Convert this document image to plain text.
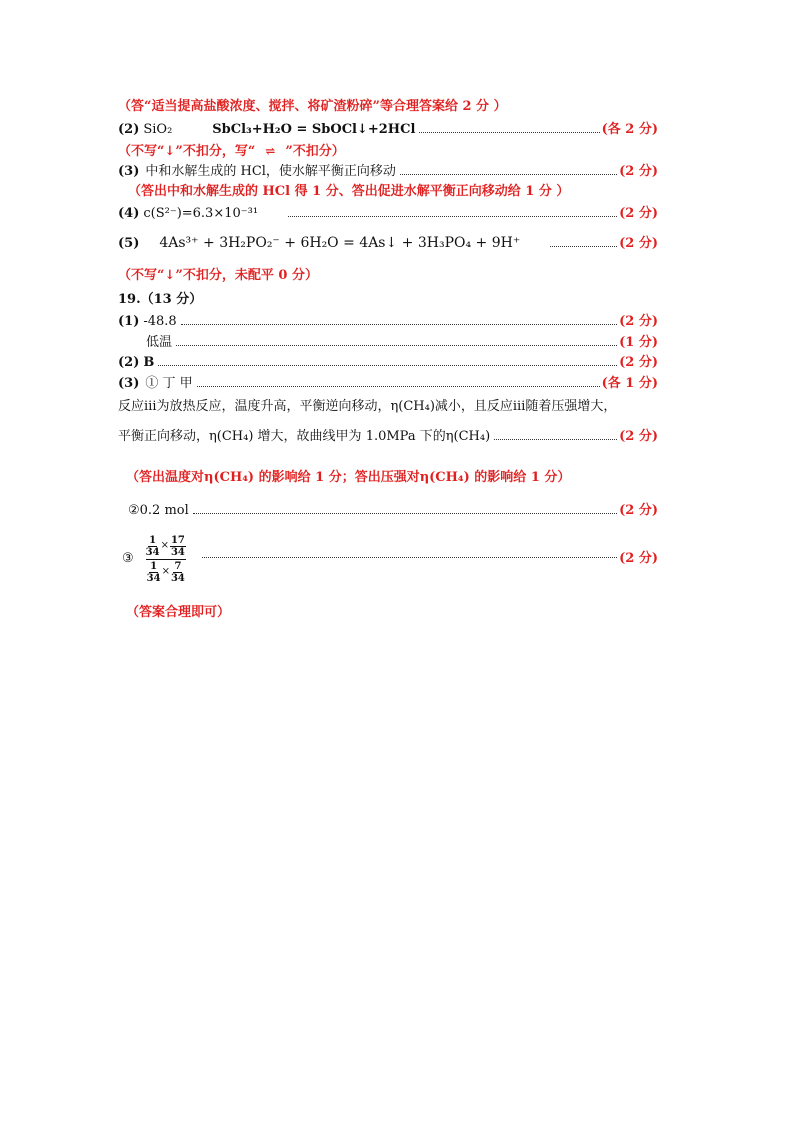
（答“适当提高盐酸浓度、搅拌、将矿渣粉碎”等合理答案给 2 分 ）
(2) SiO₂	SbCl₃+H₂O = SbOCl↓+2HCl	(各 2 分)
（不写“↓”不扣分，写“ ⇌ ”不扣分）
(3) 中和水解生成的 HCl，使水解平衡正向移动	(2 分)
（答出中和水解生成的 HCl 得 1 分、答出促进水解平衡正向移动给 1 分 ）
(4) c(S²⁻)=6.3×10⁻³¹	(2 分)
(5) 4As³⁺ + 3H₂PO₂⁻ + 6H₂O = 4As↓ + 3H₃PO₄ + 9H⁺	(2 分)
（不写“↓”不扣分，未配平 0 分）
19.（13 分）
(1) -48.8	(2 分)
低温	(1 分)
(2) B	(2 分)
(3) ① 丁 甲	(各 1 分)
反应ⅲ为放热反应，温度升高，平衡逆向移动，η(CH₄)减小，且反应ⅲ随着压强增大，
平衡正向移动，η(CH₄) 增大，故曲线甲为 1.0MPa 下的η(CH₄)	(2 分)
（答出温度对η(CH₄) 的影响给 1 分；答出压强对η(CH₄) 的影响给 1 分）
②0.2 mol	(2 分)
③
$\frac{1}{34} \times \frac{17}{34}$
$\frac{1}{34} \times \frac{7}{34}$
(2 分)
（答案合理即可）
